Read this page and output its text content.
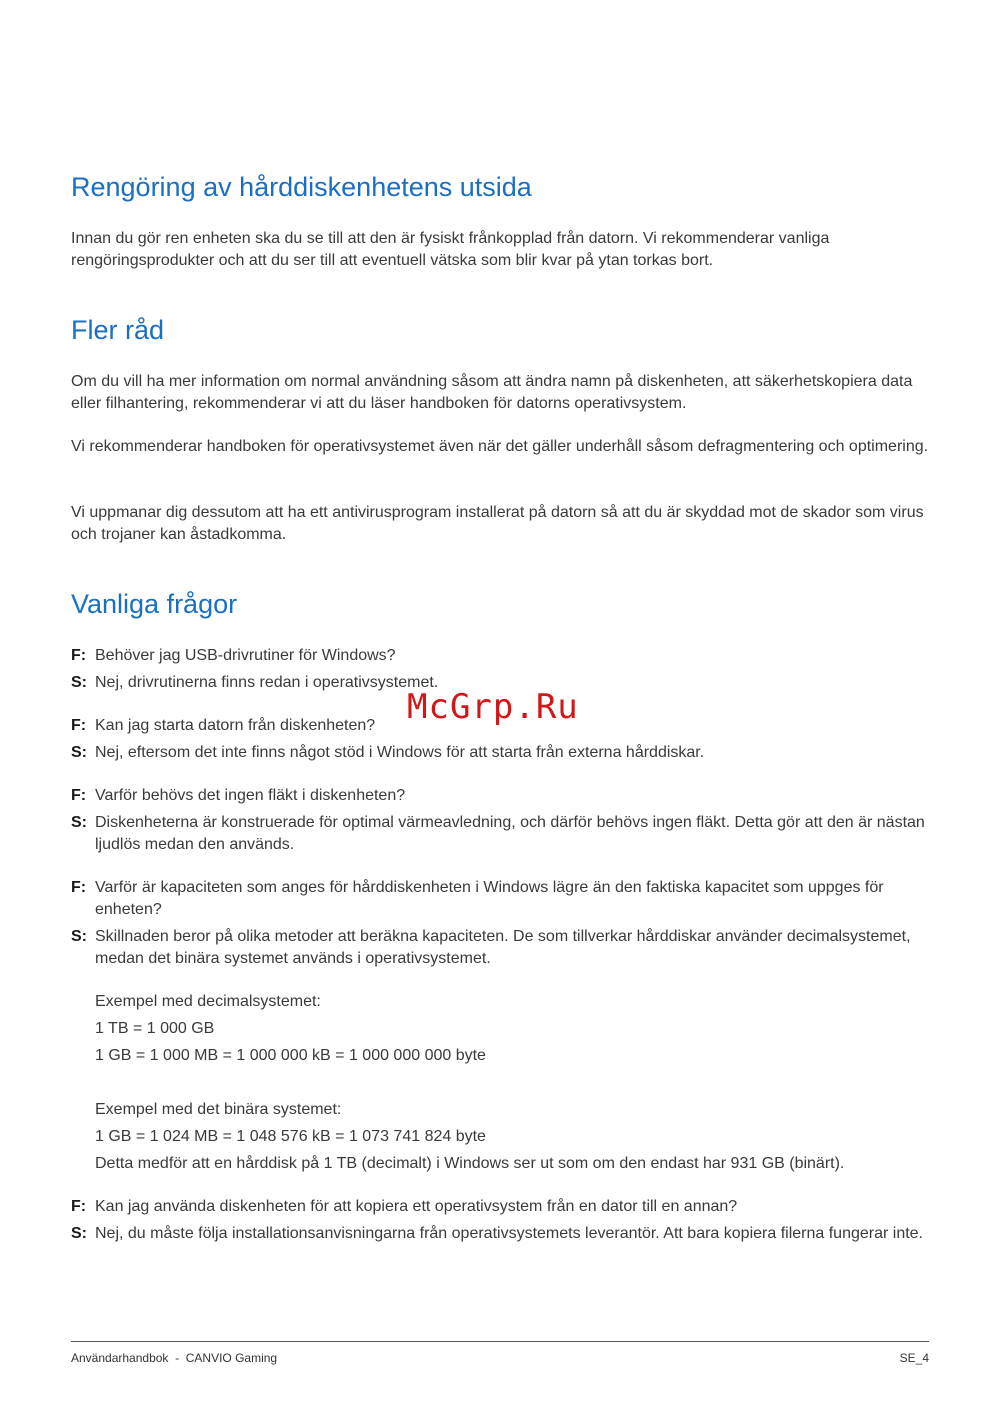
Rengöring av hårddiskenhetens utsida

Innan du gör ren enheten ska du se till att den är fysiskt frånkopplad från datorn. Vi rekommenderar vanliga rengöringsprodukter och att du ser till att eventuell vätska som blir kvar på ytan torkas bort.

Fler råd

Om du vill ha mer information om normal användning såsom att ändra namn på diskenheten, att säkerhetskopiera data eller filhantering, rekommenderar vi att du läser handboken för datorns operativsystem.

Vi rekommenderar handboken för operativsystemet även när det gäller underhåll såsom defragmentering och optimering.

Vi uppmanar dig dessutom att ha ett antivirusprogram installerat på datorn så att du är skyddad mot de skador som virus och trojaner kan åstadkomma.

Vanliga frågor
F: Behöver jag USB-drivrutiner för Windows?
S: Nej, drivrutinerna finns redan i operativsystemet.
F: Kan jag starta datorn från diskenheten?
S: Nej, eftersom det inte finns något stöd i Windows för att starta från externa hårddiskar.
F: Varför behövs det ingen fläkt i diskenheten?
S: Diskenheterna är konstruerade för optimal värmeavledning, och därför behövs ingen fläkt. Detta gör att den är nästan ljudlös medan den används.
F: Varför är kapaciteten som anges för hårddiskenheten i Windows lägre än den faktiska kapacitet som uppges för enheten?
S: Skillnaden beror på olika metoder att beräkna kapaciteten. De som tillverkar hårddiskar använder decimalsystemet, medan det binära systemet används i operativsystemet.
Exempel med decimalsystemet:
1 TB = 1 000 GB
1 GB = 1 000 MB = 1 000 000 kB = 1 000 000 000 byte
Exempel med det binära systemet:
1 GB = 1 024 MB = 1 048 576 kB = 1 073 741 824 byte
Detta medför att en hårddisk på 1 TB (decimalt) i Windows ser ut som om den endast har 931 GB (binärt).
F: Kan jag använda diskenheten för att kopiera ett operativsystem från en dator till en annan?
S: Nej, du måste följa installationsanvisningarna från operativsystemets leverantör. Att bara kopiera filerna fungerar inte.
McGrp.Ru
Användarhandbok  -  CANVIO Gaming	SE_4
